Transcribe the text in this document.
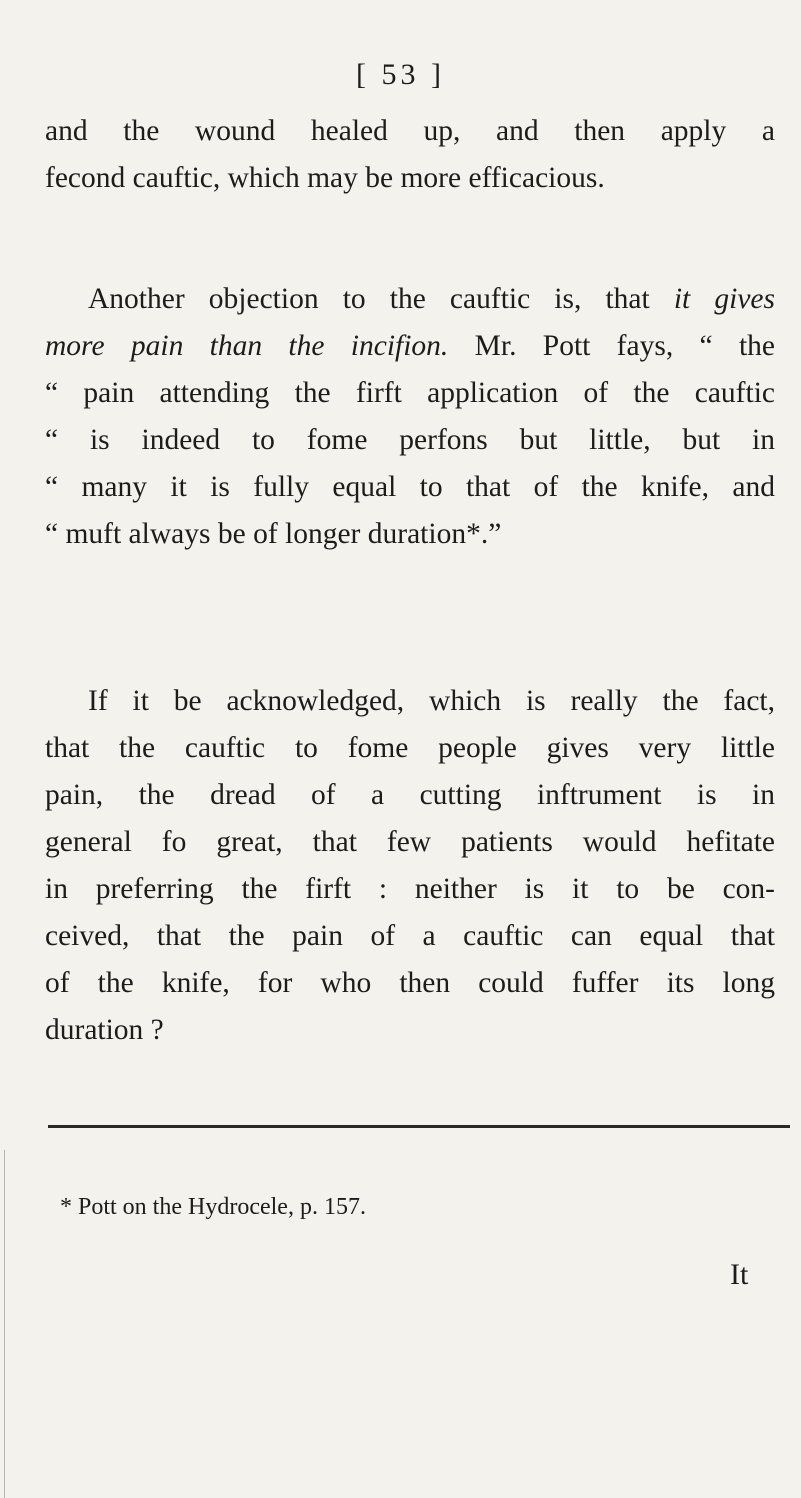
[ 53 ]
and the wound healed up, and then apply a
fecond cauftic, which may be more efficacious.
Another objection to the cauftic is, that it gives
more pain than the incifion. Mr. Pott fays, “ the
“ pain attending the firft application of the cauftic
“ is indeed to fome perfons but little, but in
“ many it is fully equal to that of the knife, and
“ muft always be of longer duration*.”
If it be acknowledged, which is really the fact,
that the cauftic to fome people gives very little
pain, the dread of a cutting inftrument is in
general fo great, that few patients would hefitate
in preferring the firft : neither is it to be con-
ceived, that the pain of a cauftic can equal that
of the knife, for who then could fuffer its long
duration ?
* Pott on the Hydrocele, p. 157.
It
